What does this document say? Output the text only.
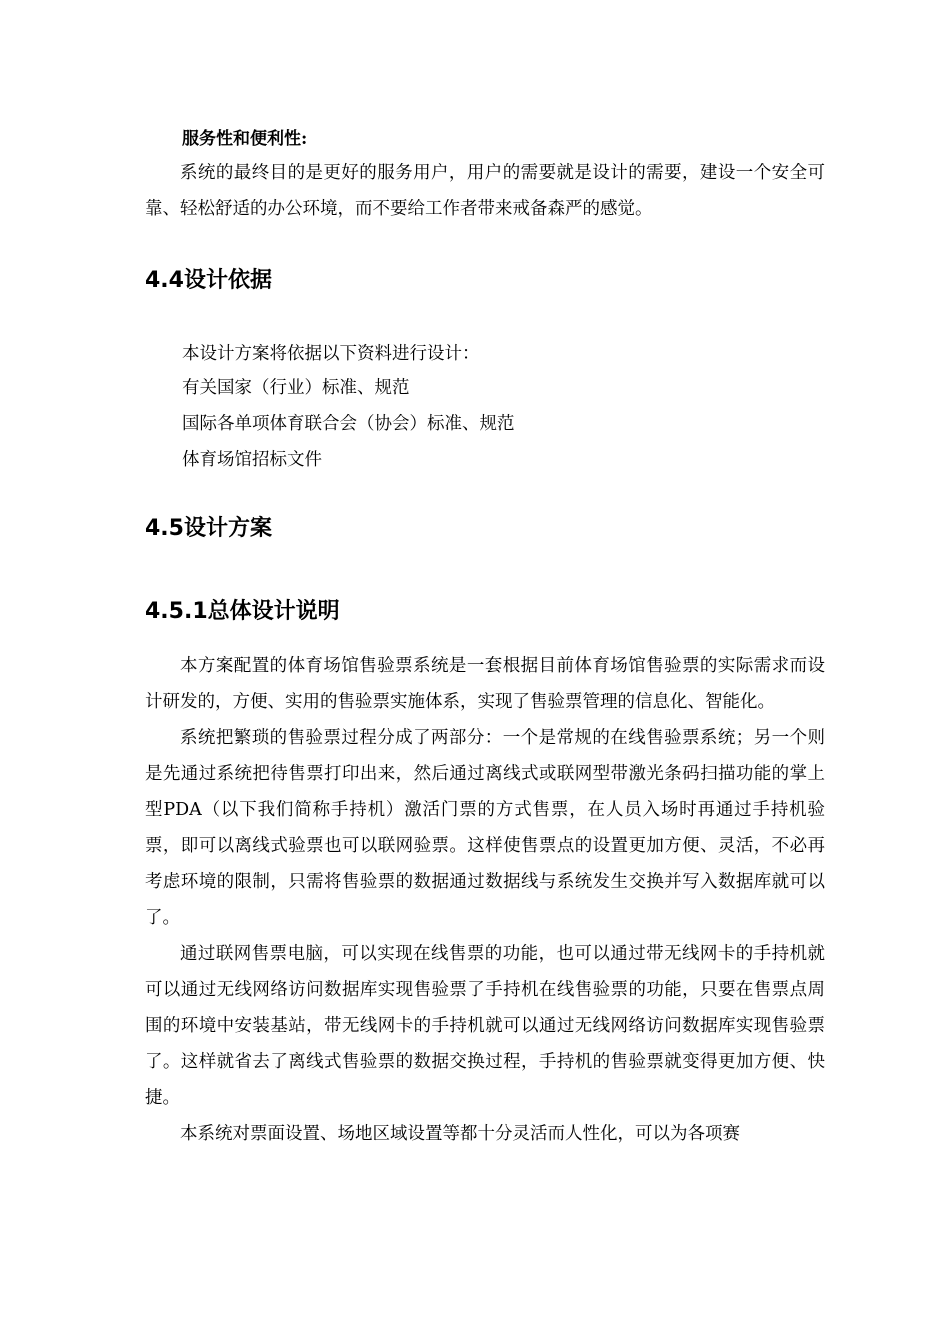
服务性和便利性:

系统的最终目的是更好的服务用户，用户的需要就是设计的需要，建设一个安全可靠、轻松舒适的办公环境，而不要给工作者带来戒备森严的感觉。

4.4设计依据
本设计方案将依据以下资料进行设计：
有关国家（行业）标准、规范
国际各单项体育联合会（协会）标准、规范
体育场馆招标文件
4.5设计方案
4.5.1总体设计说明

本方案配置的体育场馆售验票系统是一套根据目前体育场馆售验票的实际需求而设计研发的，方便、实用的售验票实施体系，实现了售验票管理的信息化、智能化。

系统把繁琐的售验票过程分成了两部分：一个是常规的在线售验票系统；另一个则是先通过系统把待售票打印出来，然后通过离线式或联网型带激光条码扫描功能的掌上型PDA（以下我们简称手持机）激活门票的方式售票，在人员入场时再通过手持机验票，即可以离线式验票也可以联网验票。这样使售票点的设置更加方便、灵活，不必再考虑环境的限制，只需将售验票的数据通过数据线与系统发生交换并写入数据库就可以了。

通过联网售票电脑，可以实现在线售票的功能，也可以通过带无线网卡的手持机就可以通过无线网络访问数据库实现售验票了手持机在线售验票的功能，只要在售票点周围的环境中安装基站，带无线网卡的手持机就可以通过无线网络访问数据库实现售验票了。这样就省去了离线式售验票的数据交换过程，手持机的售验票就变得更加方便、快捷。

本系统对票面设置、场地区域设置等都十分灵活而人性化，可以为各项赛
